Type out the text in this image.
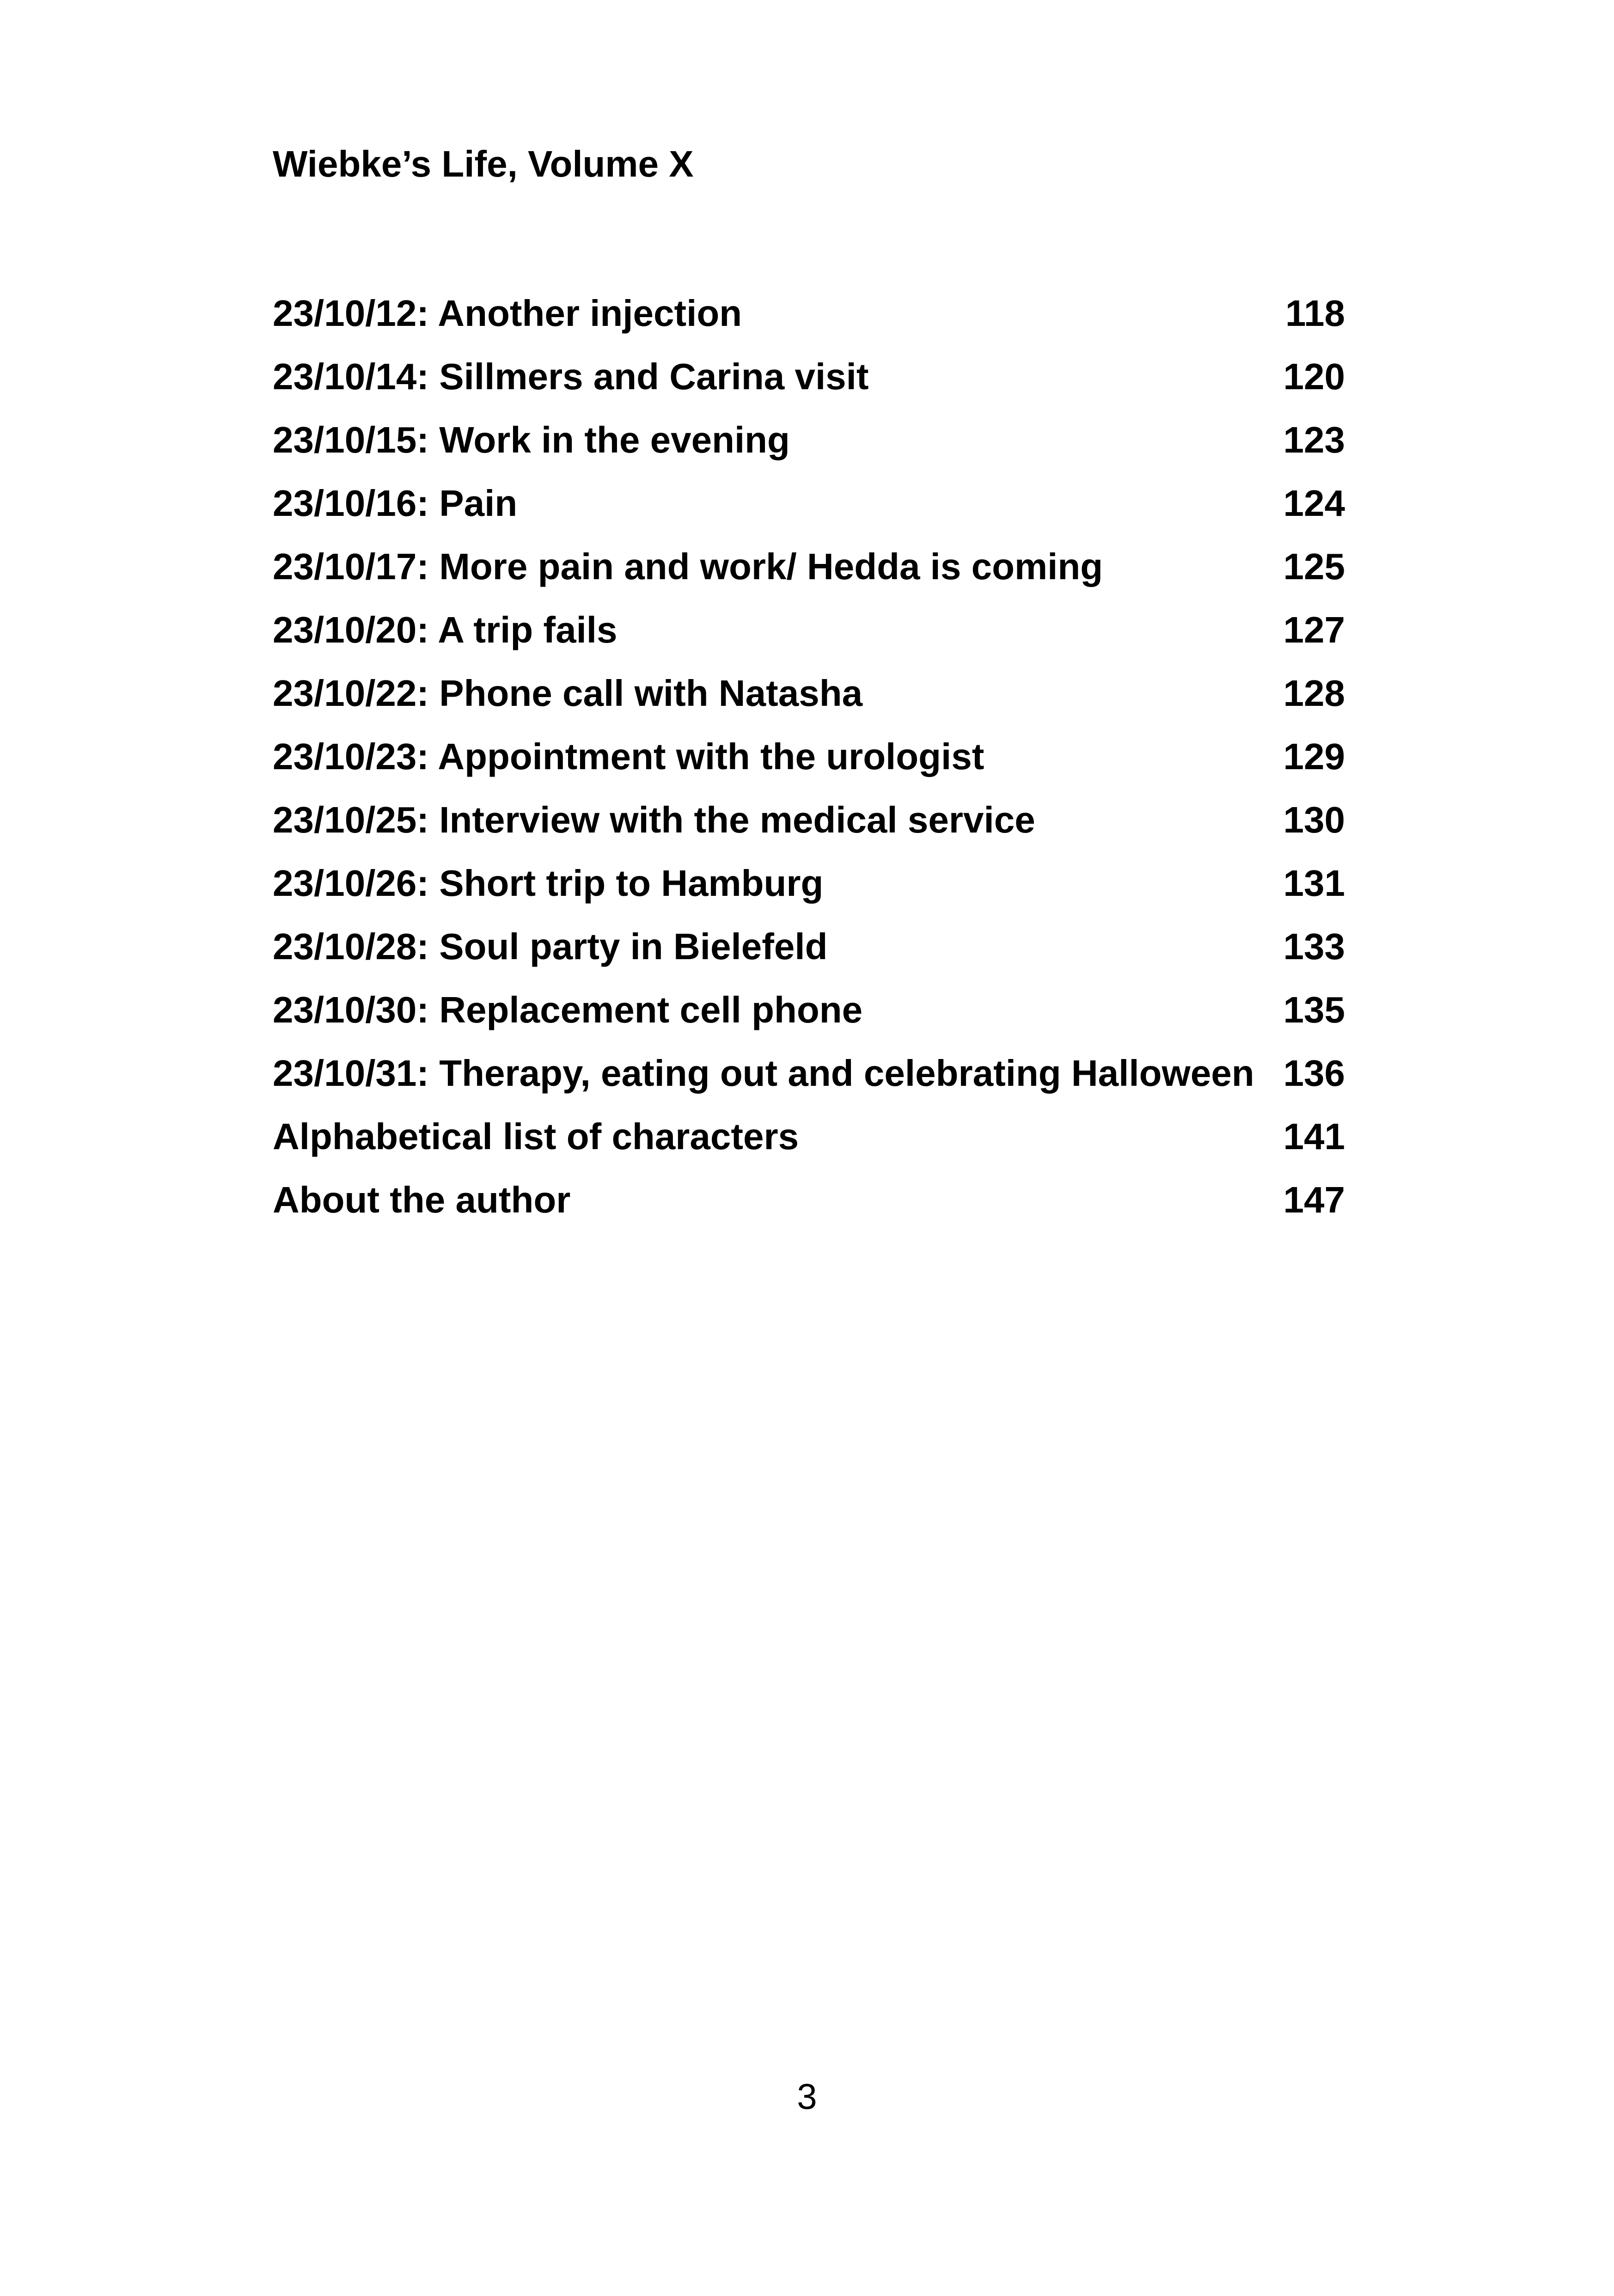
Wiebke’s Life, Volume X
23/10/12: Another injection	118
23/10/14: Sillmers and Carina visit	120
23/10/15: Work in the evening	123
23/10/16: Pain	124
23/10/17: More pain and work/ Hedda is coming	125
23/10/20: A trip fails	127
23/10/22: Phone call with Natasha	128
23/10/23: Appointment with the urologist	129
23/10/25: Interview with the medical service	130
23/10/26: Short trip to Hamburg	131
23/10/28: Soul party in Bielefeld	133
23/10/30: Replacement cell phone	135
23/10/31: Therapy, eating out and celebrating Halloween 136
Alphabetical list of characters	141
About the author	147
3
